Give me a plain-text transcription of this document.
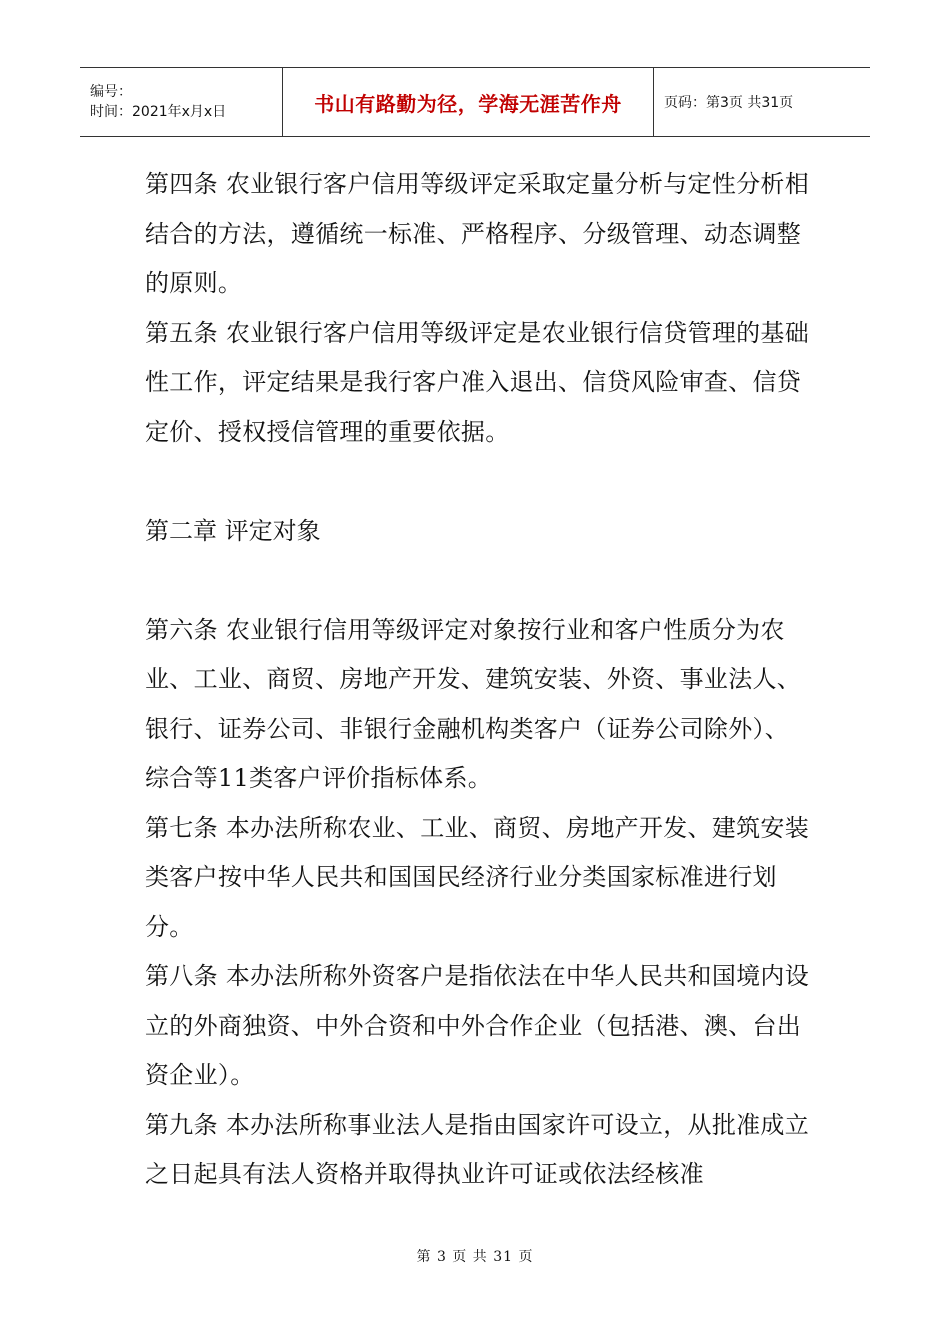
编号：
时间：2021年x月x日	书山有路勤为径，学海无涯苦作舟	页码：第3页 共31页

第四条 农业银行客户信用等级评定采取定量分析与定性分析相结合的方法，遵循统一标准、严格程序、分级管理、动态调整的原则。

第五条 农业银行客户信用等级评定是农业银行信贷管理的基础性工作，评定结果是我行客户准入退出、信贷风险审查、信贷定价、授权授信管理的重要依据。

第二章 评定对象

第六条 农业银行信用等级评定对象按行业和客户性质分为农业、工业、商贸、房地产开发、建筑安装、外资、事业法人、银行、证券公司、非银行金融机构类客户（证券公司除外）、综合等11类客户评价指标体系。

第七条 本办法所称农业、工业、商贸、房地产开发、建筑安装类客户按中华人民共和国国民经济行业分类国家标准进行划分。

第八条 本办法所称外资客户是指依法在中华人民共和国境内设立的外商独资、中外合资和中外合作企业（包括港、澳、台出资企业）。

第九条 本办法所称事业法人是指由国家许可设立，从批准成立之日起具有法人资格并取得执业许可证或依法经核准

第 3 页 共 31 页
